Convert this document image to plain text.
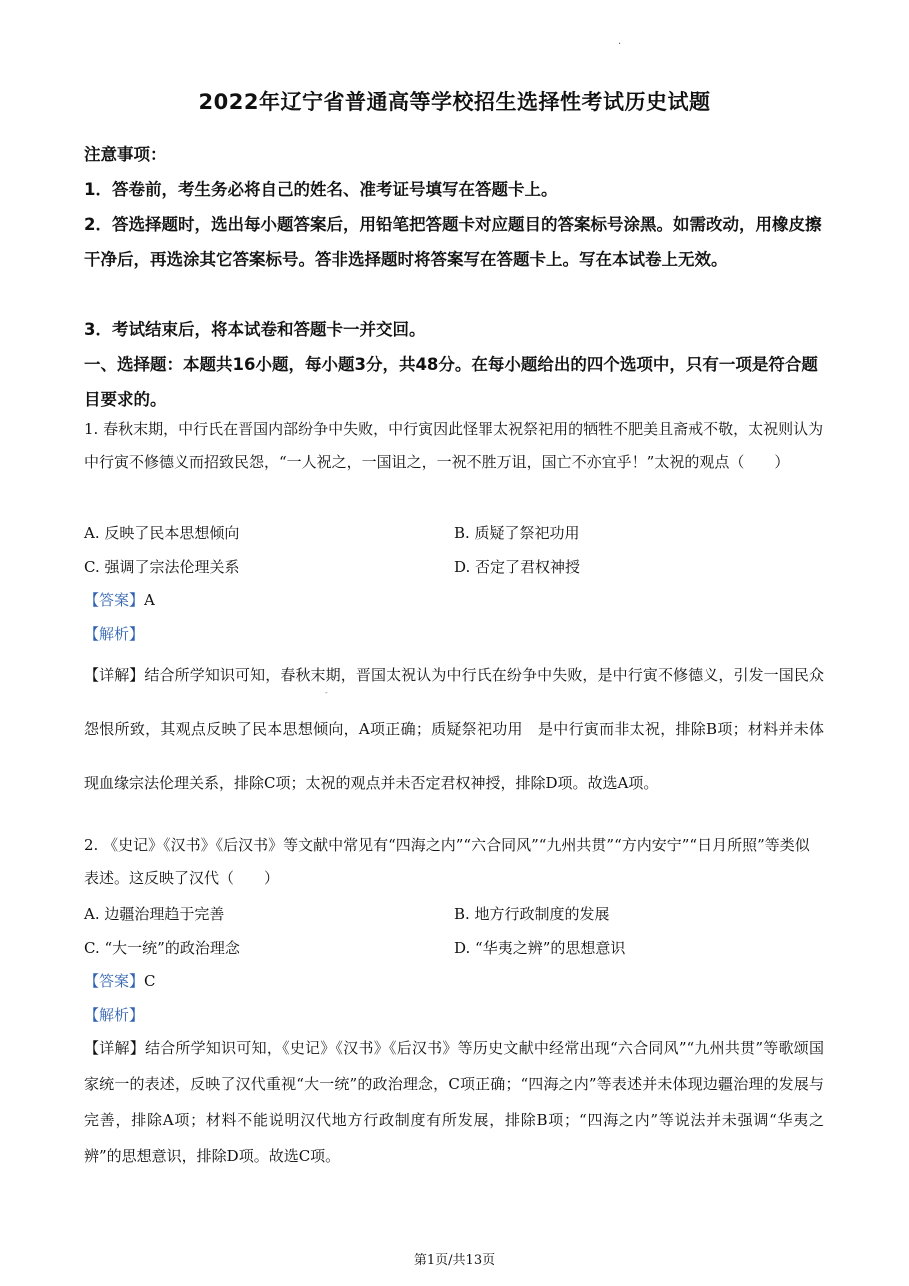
.
2022年辽宁省普通高等学校招生选择性考试历史试题

注意事项：

1．答卷前，考生务必将自己的姓名、准考证号填写在答题卡上。

2．答选择题时，选出每小题答案后，用铅笔把答题卡对应题目的答案标号涂黑。如需改动，用橡皮擦干净后，再选涂其它答案标号。答非选择题时将答案写在答题卡上。写在本试卷上无效。

3．考试结束后，将本试卷和答题卡一并交回。

一、选择题：本题共16小题，每小题3分，共48分。在每小题给出的四个选项中，只有一项是符合题目要求的。

1. 春秋末期，中行氏在晋国内部纷争中失败，中行寅因此怪罪太祝祭祀用的牺牲不肥美且斋戒不敬，太祝则认为中行寅不修德义而招致民怨，“一人祝之，一国诅之，一祝不胜万诅，国亡不亦宜乎！”太祝的观点（　　）

A. 反映了民本思想倾向	B. 质疑了祭祀功用

C. 强调了宗法伦理关系	D. 否定了君权神授

【答案】A

【解析】

【详解】结合所学知识可知，春秋末期，晋国太祝认为中行氏在纷争中失败，是中行寅不修德义，引发一国民众怨恨所致，其观点反映了民本思想倾向，A项正确；质疑祭祀功用　是中行寅而非太祝，排除B项；材料并未体现血缘宗法伦理关系，排除C项；太祝的观点并未否定君权神授，排除D项。故选A项。

-

2. 《史记》《汉书》《后汉书》等文献中常见有“四海之内”“六合同风”“九州共贯”“方内安宁”“日月所照”等类似表述。这反映了汉代（　　）

A. 边疆治理趋于完善	B. 地方行政制度的发展

C. “大一统”的政治理念	D. “华夷之辨”的思想意识

【答案】C

【解析】

【详解】结合所学知识可知，《史记》《汉书》《后汉书》等历史文献中经常出现“六合同风”“九州共贯”等歌颂国家统一的表述，反映了汉代重视“大一统”的政治理念，C项正确；“四海之内”等表述并未体现边疆治理的发展与完善，排除A项；材料不能说明汉代地方行政制度有所发展，排除B项；“四海之内”等说法并未强调“华夷之辨”的思想意识，排除D项。故选C项。

第1页/共13页
